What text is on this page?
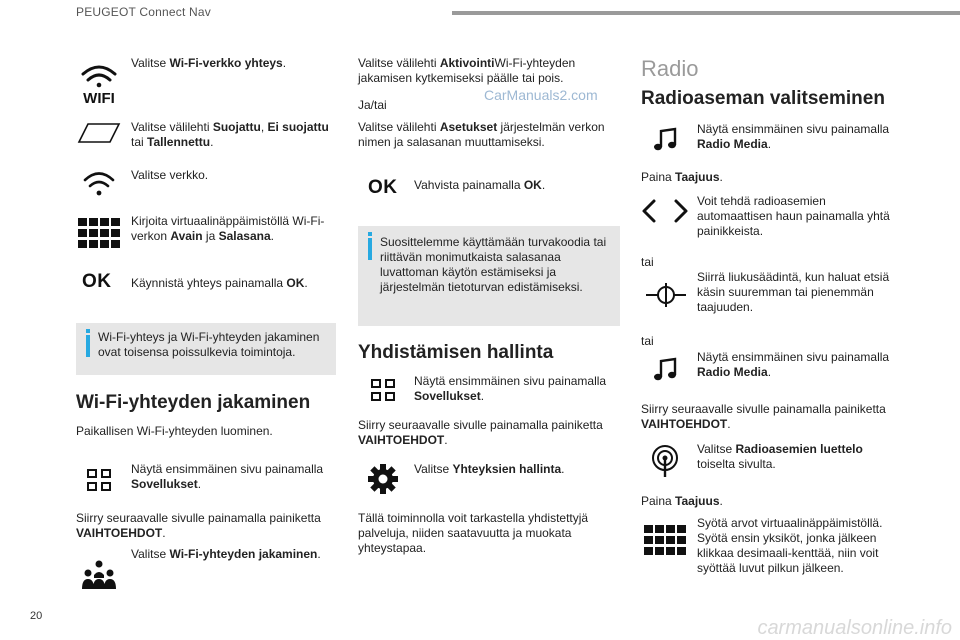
PEUGEOT Connect Nav
WIFI
Valitse Wi-Fi-verkko yhteys.
Valitse välilehti Suojattu, Ei suojattu tai Tallennettu.
Valitse verkko.
Kirjoita virtuaalinäppäimistöllä Wi-Fi-verkon Avain ja Salasana.
OK Käynnistä yhteys painamalla OK.
Wi-Fi-yhteys ja Wi-Fi-yhteyden jakaminen ovat toisensa poissulkevia toimintoja.
Wi-Fi-yhteyden jakaminen
Paikallisen Wi-Fi-yhteyden luominen.
Näytä ensimmäinen sivu painamalla Sovellukset.
Siirry seuraavalle sivulle painamalla painiketta VAIHTOEHDOT.
Valitse Wi-Fi-yhteyden jakaminen.
Valitse välilehti AktivointiWi-Fi-yhteyden jakamisen kytkemiseksi päälle tai pois.
CarManuals2.com
Ja/tai
Valitse välilehti Asetukset järjestelmän verkon nimen ja salasanan muuttamiseksi.
OK Vahvista painamalla OK.
Suosittelemme käyttämään turvakoodia tai riittävän monimutkaista salasanaa luvattoman käytön estämiseksi ja järjestelmän tietoturvan edistämiseksi.
Yhdistämisen hallinta
Näytä ensimmäinen sivu painamalla Sovellukset.
Siirry seuraavalle sivulle painamalla painiketta VAIHTOEHDOT.
Valitse Yhteyksien hallinta.
Tällä toiminnolla voit tarkastella yhdistettyjä palveluja, niiden saatavuutta ja muokata yhteystapaa.
Radio
Radioaseman valitseminen
Näytä ensimmäinen sivu painamalla Radio Media.
Paina Taajuus.
Voit tehdä radioasemien automaattisen haun painamalla yhtä painikkeista.
tai
Siirrä liukusäädintä, kun haluat etsiä käsin suuremman tai pienemmän taajuuden.
tai
Näytä ensimmäinen sivu painamalla Radio Media.
Siirry seuraavalle sivulle painamalla painiketta VAIHTOEHDOT.
Valitse Radioasemien luettelo toiselta sivulta.
Paina Taajuus.
Syötä arvot virtuaalinäppäimistöllä. Syötä ensin yksiköt, jonka jälkeen klikkaa desimaali-kenttää, niin voit syöttää luvut pilkun jälkeen.
20
carmanualsonline.info
